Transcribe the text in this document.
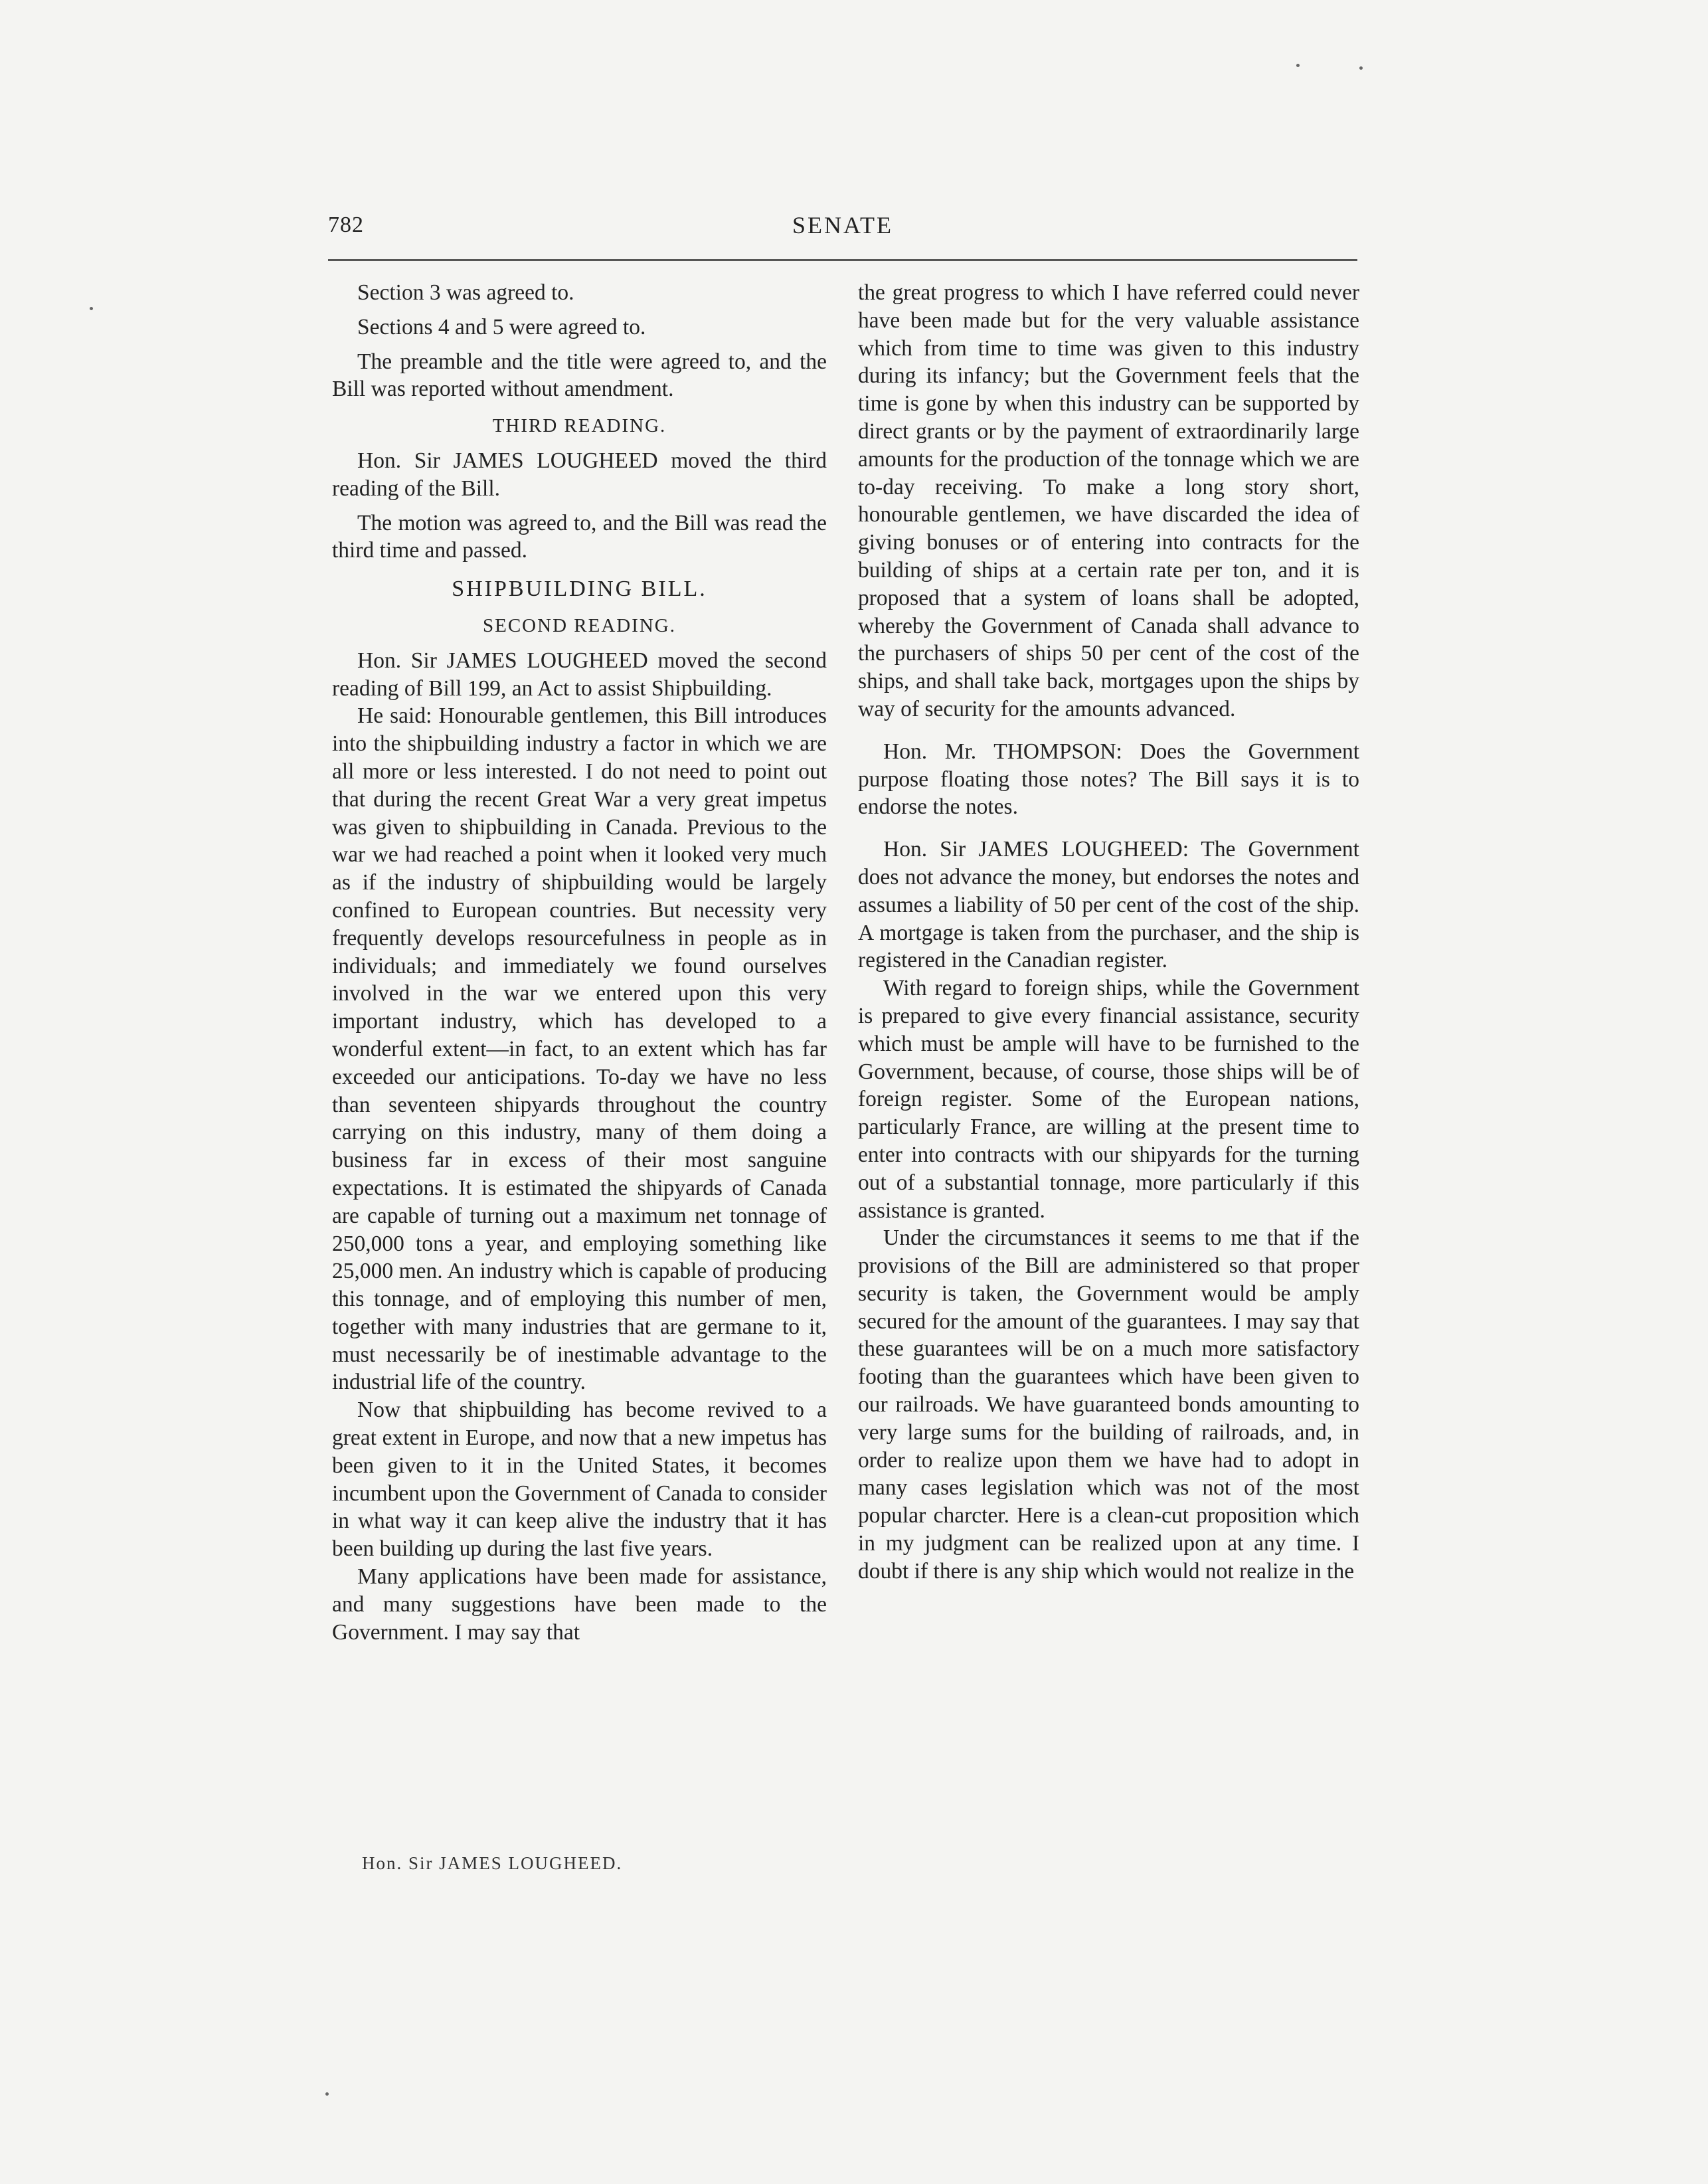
782	SENATE

Section 3 was agreed to.

Sections 4 and 5 were agreed to.

The preamble and the title were agreed to, and the Bill was reported without amendment.

THIRD READING.

Hon. Sir JAMES LOUGHEED moved the third reading of the Bill.

The motion was agreed to, and the Bill was read the third time and passed.

SHIPBUILDING BILL.

SECOND READING.

Hon. Sir JAMES LOUGHEED moved the second reading of Bill 199, an Act to assist Shipbuilding.

He said: Honourable gentlemen, this Bill introduces into the shipbuilding industry a factor in which we are all more or less interested. I do not need to point out that during the recent Great War a very great impetus was given to shipbuilding in Canada. Previous to the war we had reached a point when it looked very much as if the industry of shipbuilding would be largely confined to European countries. But necessity very frequently develops resourcefulness in people as in individuals; and immediately we found ourselves involved in the war we entered upon this very important industry, which has developed to a wonderful extent—in fact, to an extent which has far exceeded our anticipations. To-day we have no less than seventeen shipyards throughout the country carrying on this industry, many of them doing a business far in excess of their most sanguine expectations. It is estimated the shipyards of Canada are capable of turning out a maximum net tonnage of 250,000 tons a year, and employing something like 25,000 men. An industry which is capable of producing this tonnage, and of employing this number of men, together with many industries that are germane to it, must necessarily be of inestimable advantage to the industrial life of the country.

Now that shipbuilding has become revived to a great extent in Europe, and now that a new impetus has been given to it in the United States, it becomes incumbent upon the Government of Canada to consider in what way it can keep alive the industry that it has been building up during the last five years.

Many applications have been made for assistance, and many suggestions have been made to the Government. I may say that

Hon. Sir JAMES LOUGHEED.

the great progress to which I have referred could never have been made but for the very valuable assistance which from time to time was given to this industry during its infancy; but the Government feels that the time is gone by when this industry can be supported by direct grants or by the payment of extraordinarily large amounts for the production of the tonnage which we are to-day receiving. To make a long story short, honourable gentlemen, we have discarded the idea of giving bonuses or of entering into contracts for the building of ships at a certain rate per ton, and it is proposed that a system of loans shall be adopted, whereby the Government of Canada shall advance to the purchasers of ships 50 per cent of the cost of the ships, and shall take back, mortgages upon the ships by way of security for the amounts advanced.

Hon. Mr. THOMPSON: Does the Government purpose floating those notes? The Bill says it is to endorse the notes.

Hon. Sir JAMES LOUGHEED: The Government does not advance the money, but endorses the notes and assumes a liability of 50 per cent of the cost of the ship. A mortgage is taken from the purchaser, and the ship is registered in the Canadian register.

With regard to foreign ships, while the Government is prepared to give every financial assistance, security which must be ample will have to be furnished to the Government, because, of course, those ships will be of foreign register. Some of the European nations, particularly France, are willing at the present time to enter into contracts with our shipyards for the turning out of a substantial tonnage, more particularly if this assistance is granted.

Under the circumstances it seems to me that if the provisions of the Bill are administered so that proper security is taken, the Government would be amply secured for the amount of the guarantees. I may say that these guarantees will be on a much more satisfactory footing than the guarantees which have been given to our railroads. We have guaranteed bonds amounting to very large sums for the building of railroads, and, in order to realize upon them we have had to adopt in many cases legislation which was not of the most popular charcter. Here is a clean-cut proposition which in my judgment can be realized upon at any time. I doubt if there is any ship which would not realize in the
